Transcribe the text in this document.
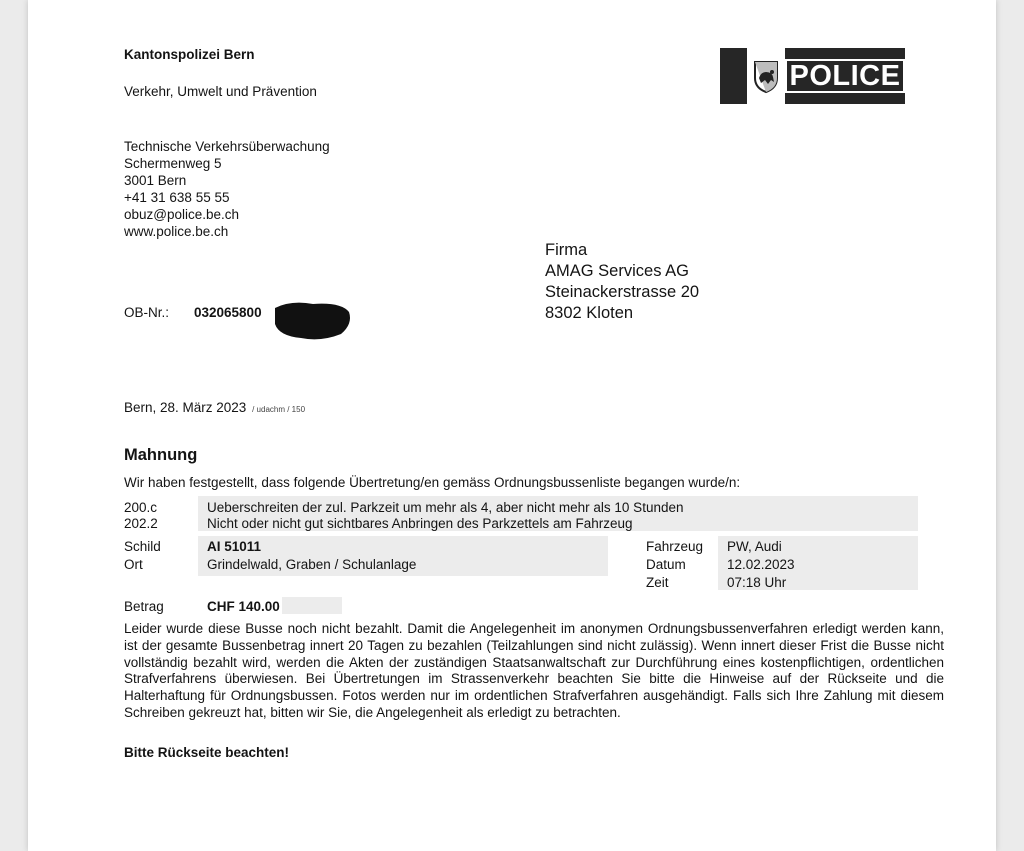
Kantonspolizei Bern
Verkehr, Umwelt und Prävention	POLICE
Technische Verkehrsüberwachung
Schermenweg 5
3001 Bern
+41 31 638 55 55
obuz@police.be.ch
www.police.be.ch
Firma
AMAG Services AG
Steinackerstrasse 20
8302 Kloten
OB-Nr.: 032065800
Bern, 28. März 2023 / udachm / 150
Mahnung
Wir haben festgestellt, dass folgende Übertretung/en gemäss Ordnungsbussenliste begangen wurde/n:
200.c	Ueberschreiten der zul. Parkzeit um mehr als 4, aber nicht mehr als 10 Stunden
202.2	Nicht oder nicht gut sichtbares Anbringen des Parkzettels am Fahrzeug
Schild	AI 51011
Ort	Grindelwald, Graben / Schulanlage
Fahrzeug PW, Audi
Datum	12.02.2023
Zeit	07:18 Uhr
Betrag	CHF 140.00
Leider wurde diese Busse noch nicht bezahlt. Damit die Angelegenheit im anonymen Ordnungsbussenverfahren erledigt werden kann, ist der gesamte Bussenbetrag innert 20 Tagen zu bezahlen (Teilzahlungen sind nicht zulässig). Wenn innert dieser Frist die Busse nicht vollständig bezahlt wird, werden die Akten der zuständigen Staatsanwaltschaft zur Durchführung eines kostenpflichtigen, ordentlichen Strafverfahrens überwiesen. Bei Übertretungen im Strassenverkehr beachten Sie bitte die Hinweise auf der Rückseite und die Halterhaftung für Ordnungsbussen. Fotos werden nur im ordentlichen Strafverfahren ausgehändigt. Falls sich Ihre Zahlung mit diesem Schreiben gekreuzt hat, bitten wir Sie, die Angelegenheit als erledigt zu betrachten.
Bitte Rückseite beachten!
